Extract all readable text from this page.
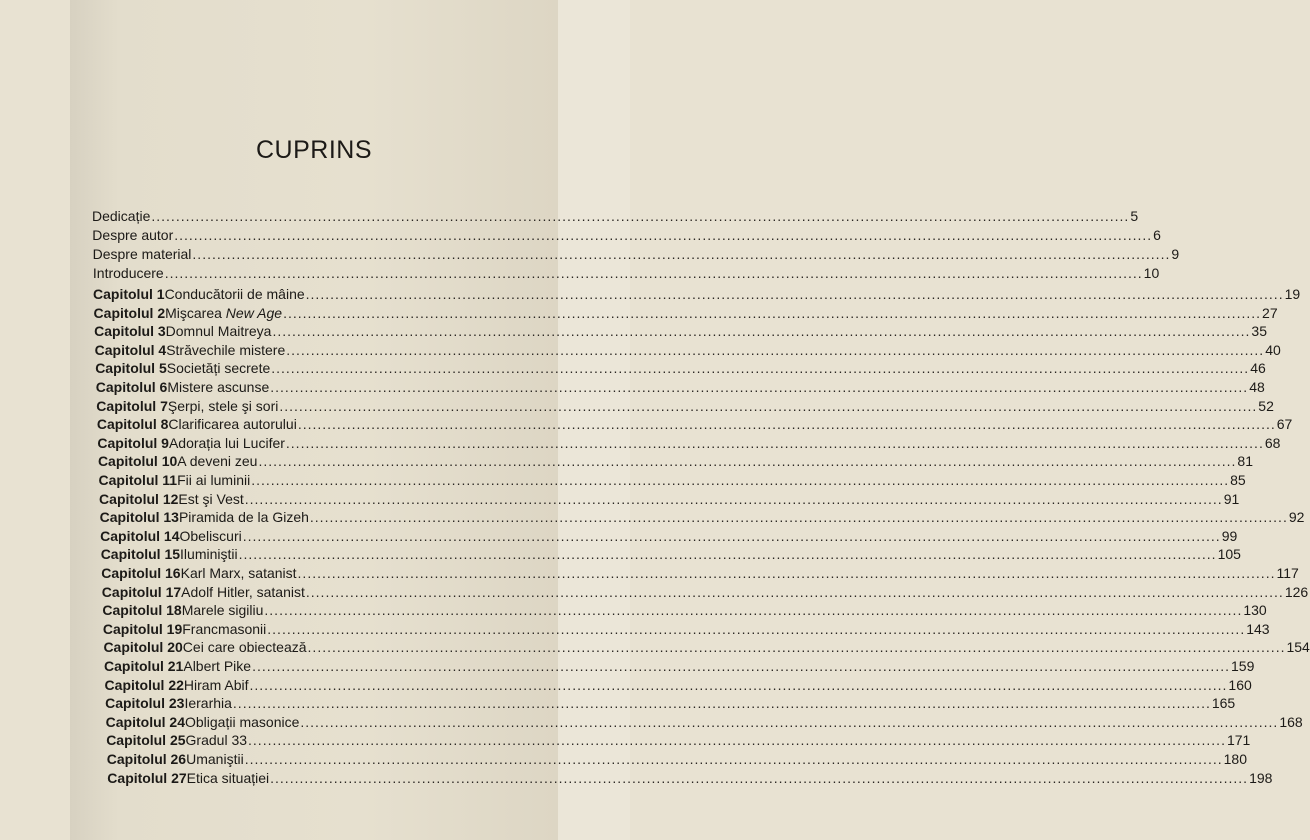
CUPRINS
Dedicație ........................................................................................................................................................................................................ 5
Despre autor ........................................................................................................................................................................................................ 6
Despre material ........................................................................................................................................................................................................ 9
Introducere ........................................................................................................................................................................................................ 10
Capitolul 1 Conducătorii de mâine ........................................................................................................................................................................................................ 19
Capitolul 2 Mişcarea New Age ........................................................................................................................................................................................................ 27
Capitolul 3 Domnul Maitreya ........................................................................................................................................................................................................ 35
Capitolul 4 Străvechile mistere ........................................................................................................................................................................................................ 40
Capitolul 5 Societăți secrete ........................................................................................................................................................................................................ 46
Capitolul 6 Mistere ascunse ........................................................................................................................................................................................................ 48
Capitolul 7 Şerpi, stele şi sori ........................................................................................................................................................................................................ 52
Capitolul 8 Clarificarea autorului ........................................................................................................................................................................................................ 67
Capitolul 9 Adorația lui Lucifer ........................................................................................................................................................................................................ 68
Capitolul 10 A deveni zeu ........................................................................................................................................................................................................ 81
Capitolul 11 Fii ai luminii ........................................................................................................................................................................................................ 85
Capitolul 12 Est şi Vest ........................................................................................................................................................................................................ 91
Capitolul 13 Piramida de la Gizeh ........................................................................................................................................................................................................ 92
Capitolul 14 Obeliscuri ........................................................................................................................................................................................................ 99
Capitolul 15 Iluminiştii ........................................................................................................................................................................................................ 105
Capitolul 16 Karl Marx, satanist ........................................................................................................................................................................................................ 117
Capitolul 17 Adolf Hitler, satanist ........................................................................................................................................................................................................ 126
Capitolul 18 Marele sigiliu ........................................................................................................................................................................................................ 130
Capitolul 19 Francmasonii ........................................................................................................................................................................................................ 143
Capitolul 20 Cei care obiectează ........................................................................................................................................................................................................ 154
Capitolul 21 Albert Pike ........................................................................................................................................................................................................ 159
Capitolul 22 Hiram Abif ........................................................................................................................................................................................................ 160
Capitolul 23 Ierarhia ........................................................................................................................................................................................................ 165
Capitolul 24 Obligații masonice ........................................................................................................................................................................................................ 168
Capitolul 25 Gradul 33 ........................................................................................................................................................................................................ 171
Capitolul 26 Umaniştii ........................................................................................................................................................................................................ 180
Capitolul 27 Etica situației ........................................................................................................................................................................................................ 198
